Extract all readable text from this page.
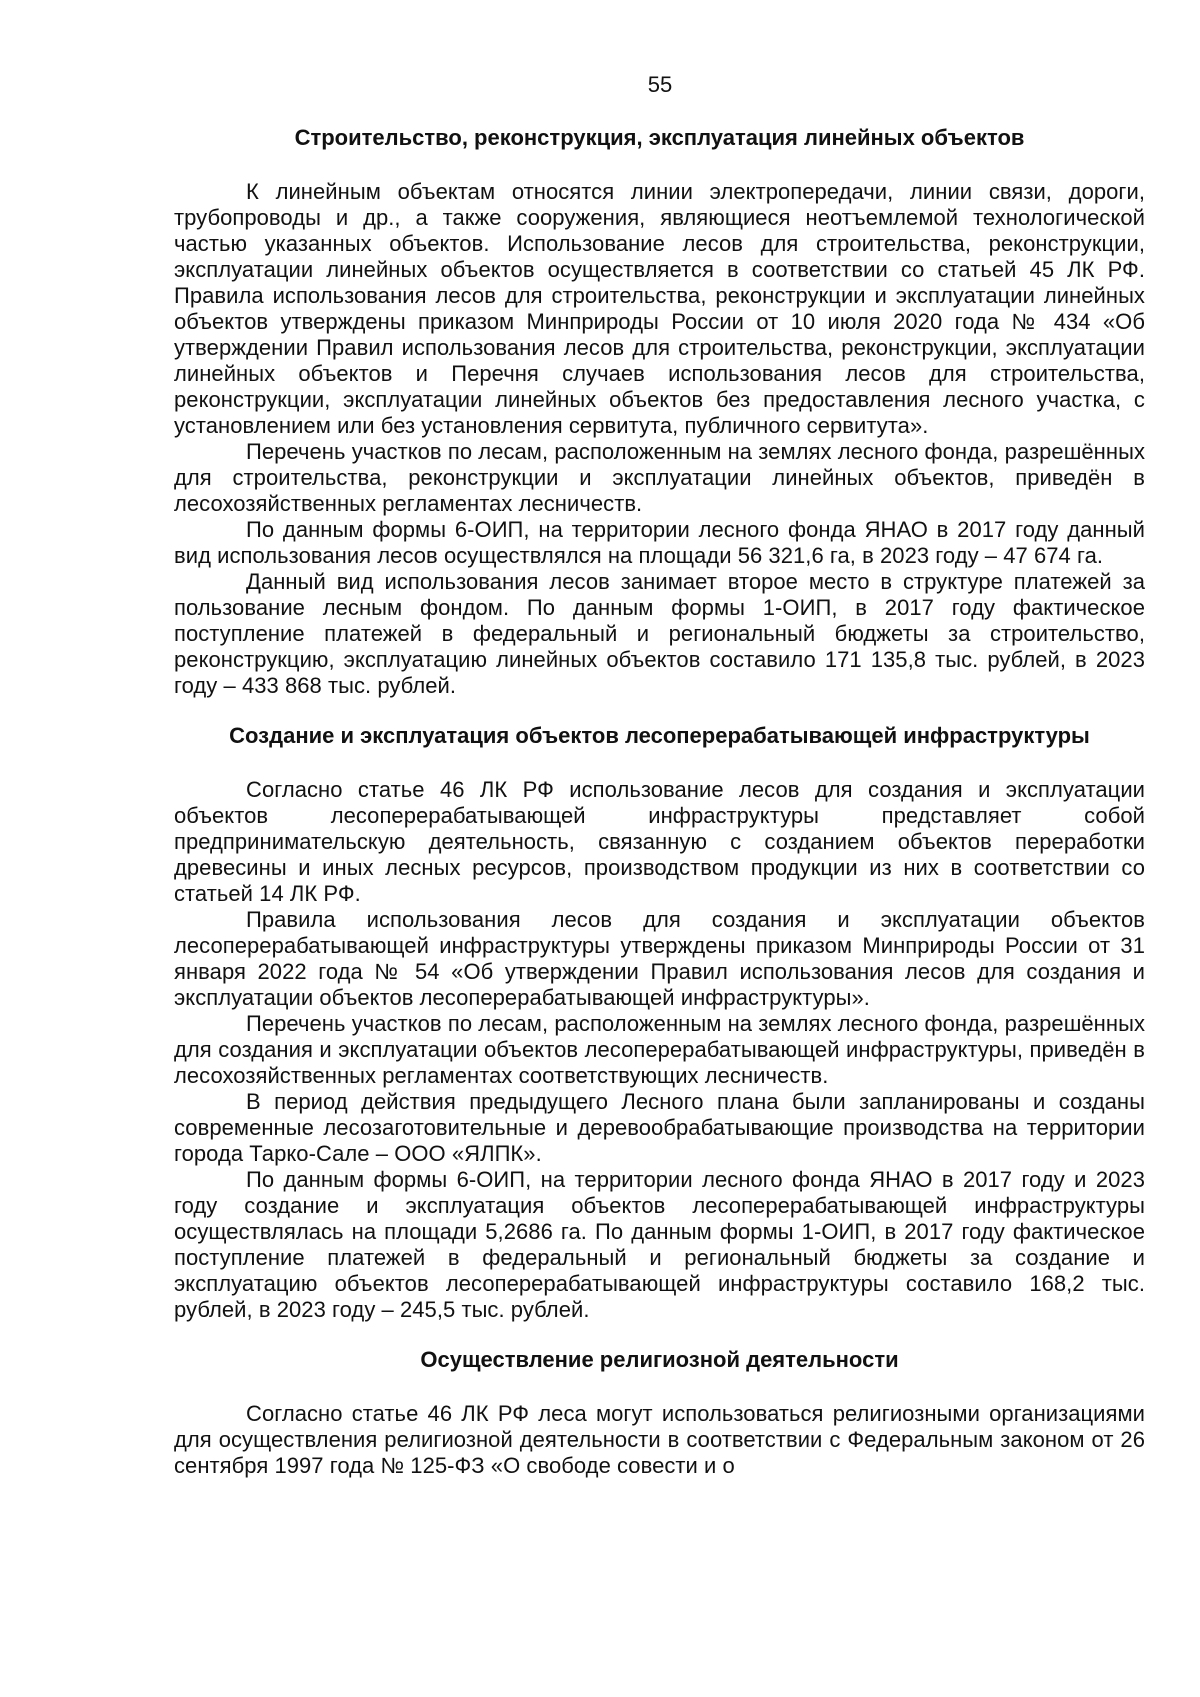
55
Строительство, реконструкция, эксплуатация линейных объектов

К линейным объектам относятся линии электропередачи, линии связи, дороги, трубопроводы и др., а также сооружения, являющиеся неотъемлемой технологической частью указанных объектов. Использование лесов для строительства, реконструкции, эксплуатации линейных объектов осуществляется в соответствии со статьей 45 ЛК РФ. Правила использования лесов для строительства, реконструкции и эксплуатации линейных объектов утверждены приказом Минприроды России от 10 июля 2020 года № 434 «Об утверждении Правил использования лесов для строительства, реконструкции, эксплуатации линейных объектов и Перечня случаев использования лесов для строительства, реконструкции, эксплуатации линейных объектов без предоставления лесного участка, с установлением или без установления сервитута, публичного сервитута».

Перечень участков по лесам, расположенным на землях лесного фонда, разрешённых для строительства, реконструкции и эксплуатации линейных объектов, приведён в лесохозяйственных регламентах лесничеств.

По данным формы 6-ОИП, на территории лесного фонда ЯНАО в 2017 году данный вид использования лесов осуществлялся на площади 56 321,6 га, в 2023 году – 47 674 га.

Данный вид использования лесов занимает второе место в структуре платежей за пользование лесным фондом. По данным формы 1-ОИП, в 2017 году фактическое поступление платежей в федеральный и региональный бюджеты за строительство, реконструкцию, эксплуатацию линейных объектов составило 171 135,8 тыс. рублей, в 2023 году – 433 868 тыс. рублей.

Создание и эксплуатация объектов лесоперерабатывающей инфраструктуры

Согласно статье 46 ЛК РФ использование лесов для создания и эксплуатации объектов лесоперерабатывающей инфраструктуры представляет собой предпринимательскую деятельность, связанную с созданием объектов переработки древесины и иных лесных ресурсов, производством продукции из них в соответствии со статьей 14 ЛК РФ.

Правила использования лесов для создания и эксплуатации объектов лесоперерабатывающей инфраструктуры утверждены приказом Минприроды России от 31 января 2022 года № 54 «Об утверждении Правил использования лесов для создания и эксплуатации объектов лесоперерабатывающей инфраструктуры».

Перечень участков по лесам, расположенным на землях лесного фонда, разрешённых для создания и эксплуатации объектов лесоперерабатывающей инфраструктуры, приведён в лесохозяйственных регламентах соответствующих лесничеств.

В период действия предыдущего Лесного плана были запланированы и созданы современные лесозаготовительные и деревообрабатывающие производства на территории города Тарко-Сале – ООО «ЯЛПК».

По данным формы 6-ОИП, на территории лесного фонда ЯНАО в 2017 году и 2023 году создание и эксплуатация объектов лесоперерабатывающей инфраструктуры осуществлялась на площади 5,2686 га. По данным формы 1-ОИП, в 2017 году фактическое поступление платежей в федеральный и региональный бюджеты за создание и эксплуатацию объектов лесоперерабатывающей инфраструктуры составило 168,2 тыс. рублей, в 2023 году – 245,5 тыс. рублей.

Осуществление религиозной деятельности

Согласно статье 46 ЛК РФ леса могут использоваться религиозными организациями для осуществления религиозной деятельности в соответствии с Федеральным законом от 26 сентября 1997 года № 125-ФЗ «О свободе совести и о
